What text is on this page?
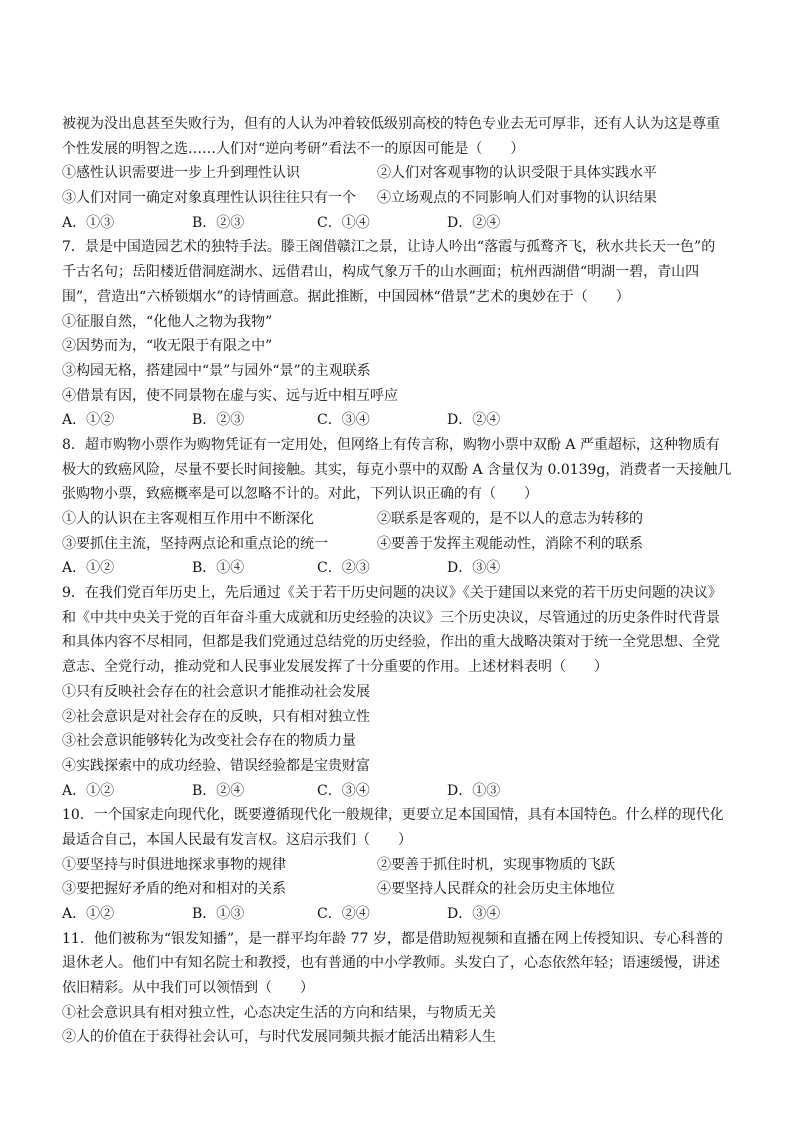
被视为没出息甚至失败行为，但有的人认为冲着较低级别高校的特色专业去无可厚非，还有人认为这是尊重
个性发展的明智之选……人们对“逆向考研”看法不一的原因可能是（　　）
①感性认识需要进一步上升到理性认识	②人们对客观事物的认识受限于具体实践水平
③人们对同一确定对象真理性认识往往只有一个	④立场观点的不同影响人们对事物的认识结果
A．①③	B．②③	C．①④	D．②④
7．景是中国造园艺术的独特手法。滕王阁借赣江之景，让诗人吟出“落霞与孤鹜齐飞，秋水共长天一色”的
千古名句；岳阳楼近借洞庭湖水、远借君山，构成气象万千的山水画面；杭州西湖借“明湖一碧，青山四
围”，营造出“六桥锁烟水”的诗情画意。据此推断，中国园林“借景”艺术的奥妙在于（　　）
①征服自然，“化他人之物为我物”
②因势而为，“收无限于有限之中”
③构园无格，搭建园中“景”与园外“景”的主观联系
④借景有因，使不同景物在虚与实、远与近中相互呼应
A．①②	B．②③	C．③④	D．②④
8．超市购物小票作为购物凭证有一定用处，但网络上有传言称，购物小票中双酚 A 严重超标，这种物质有
极大的致癌风险，尽量不要长时间接触。其实，每克小票中的双酚 A 含量仅为 0.0139g，消费者一天接触几
张购物小票，致癌概率是可以忽略不计的。对此，下列认识正确的有（　　）
①人的认识在主客观相互作用中不断深化	②联系是客观的，是不以人的意志为转移的
③要抓住主流，坚持两点论和重点论的统一	④要善于发挥主观能动性，消除不利的联系
A．①②	B．①④	C．②③	D．③④
9．在我们党百年历史上，先后通过《关于若干历史问题的决议》《关于建国以来党的若干历史问题的决议》
和《中共中央关于党的百年奋斗重大成就和历史经验的决议》三个历史决议，尽管通过的历史条件时代背景
和具体内容不尽相同，但都是我们党通过总结党的历史经验，作出的重大战略决策对于统一全党思想、全党
意志、全党行动，推动党和人民事业发展发挥了十分重要的作用。上述材料表明（　　）
①只有反映社会存在的社会意识才能推动社会发展
②社会意识是对社会存在的反映，只有相对独立性
③社会意识能够转化为改变社会存在的物质力量
④实践探索中的成功经验、错误经验都是宝贵财富
A．①②	B．②④	C．③④	D．①③
10．一个国家走向现代化，既要遵循现代化一般规律，更要立足本国国情，具有本国特色。什么样的现代化
最适合自己，本国人民最有发言权。这启示我们（　　）
①要坚持与时俱进地探求事物的规律	②要善于抓住时机，实现事物质的飞跃
③要把握好矛盾的绝对和相对的关系	④要坚持人民群众的社会历史主体地位
A．①②	B．①③	C．②④	D．③④
11．他们被称为“银发知播”，是一群平均年龄 77 岁，都是借助短视频和直播在网上传授知识、专心科普的
退休老人。他们中有知名院士和教授，也有普通的中小学教师。头发白了，心态依然年轻；语速缓慢，讲述
依旧精彩。从中我们可以领悟到（　　）
①社会意识具有相对独立性，心态决定生活的方向和结果，与物质无关
②人的价值在于获得社会认可，与时代发展同频共振才能活出精彩人生
